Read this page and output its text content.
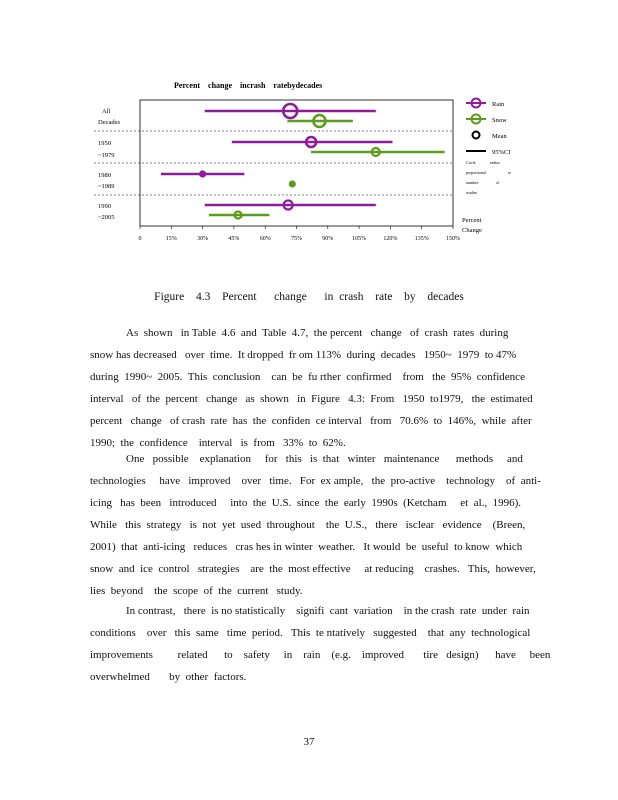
Percent    change    incrash    ratebydecades
All
Decades
1950
~1979
1980
~1989
1990
~2005
0	15%	30%	45%	60%	75%	90%	105%	120%	135%	150%
Rain
Snow
Mean
95%CI
Circle	radius
proportional	to
number	of
studies
Percent
Change
Figure  4.3  Percent   change   in crash  rate  by  decades
As  shown   in Table  4.6  and  Table  4.7,  the percent   change   of  crash  rates  during
snow has decreased   over  time.  It dropped  fr om 113%  during  decades   1950~  1979  to 47%
during  1990~  2005.  This  conclusion    can  be  fu rther  confirmed    from   the  95%  confidence
interval   of  the  percent   change   as  shown   in  Figure   4.3:  From   1950  to1979,   the  estimated
percent   change   of crash  rate  has  the  confiden  ce interval   from   70.6%  to  146%,  while  after
1990;  the  confidence    interval   is  from   33%  to  62%.
One   possible    explanation     for   this   is  that   winter   maintenance      methods     and
technologies     have   improved    over   time.   For  ex ample,   the  pro-active    technology    of  anti-
icing   has  been   introduced     into  the  U.S.  since  the  early  1990s  (Ketcham     et  al.,  1996).
While   this  strategy   is  not  yet  used  throughout    the  U.S.,   there   isclear   evidence    (Breen,
2001)  that  anti-icing   reduces   cras hes in winter  weather.   It would  be  useful  to know  which
snow  and  ice  control   strategies    are  the  most effective     at reducing    crashes.   This,  however,
lies  beyond    the  scope  of  the  current   study.
In contrast,   there  is no statistically    signifi  cant  variation    in the crash  rate  under  rain
conditions    over   this  same   time  period.   This  te ntatively   suggested    that  any  technological
improvements         related      to    safety     in    rain    (e.g.    improved       tire   design)      have     been
overwhelmed       by  other  factors.
37
